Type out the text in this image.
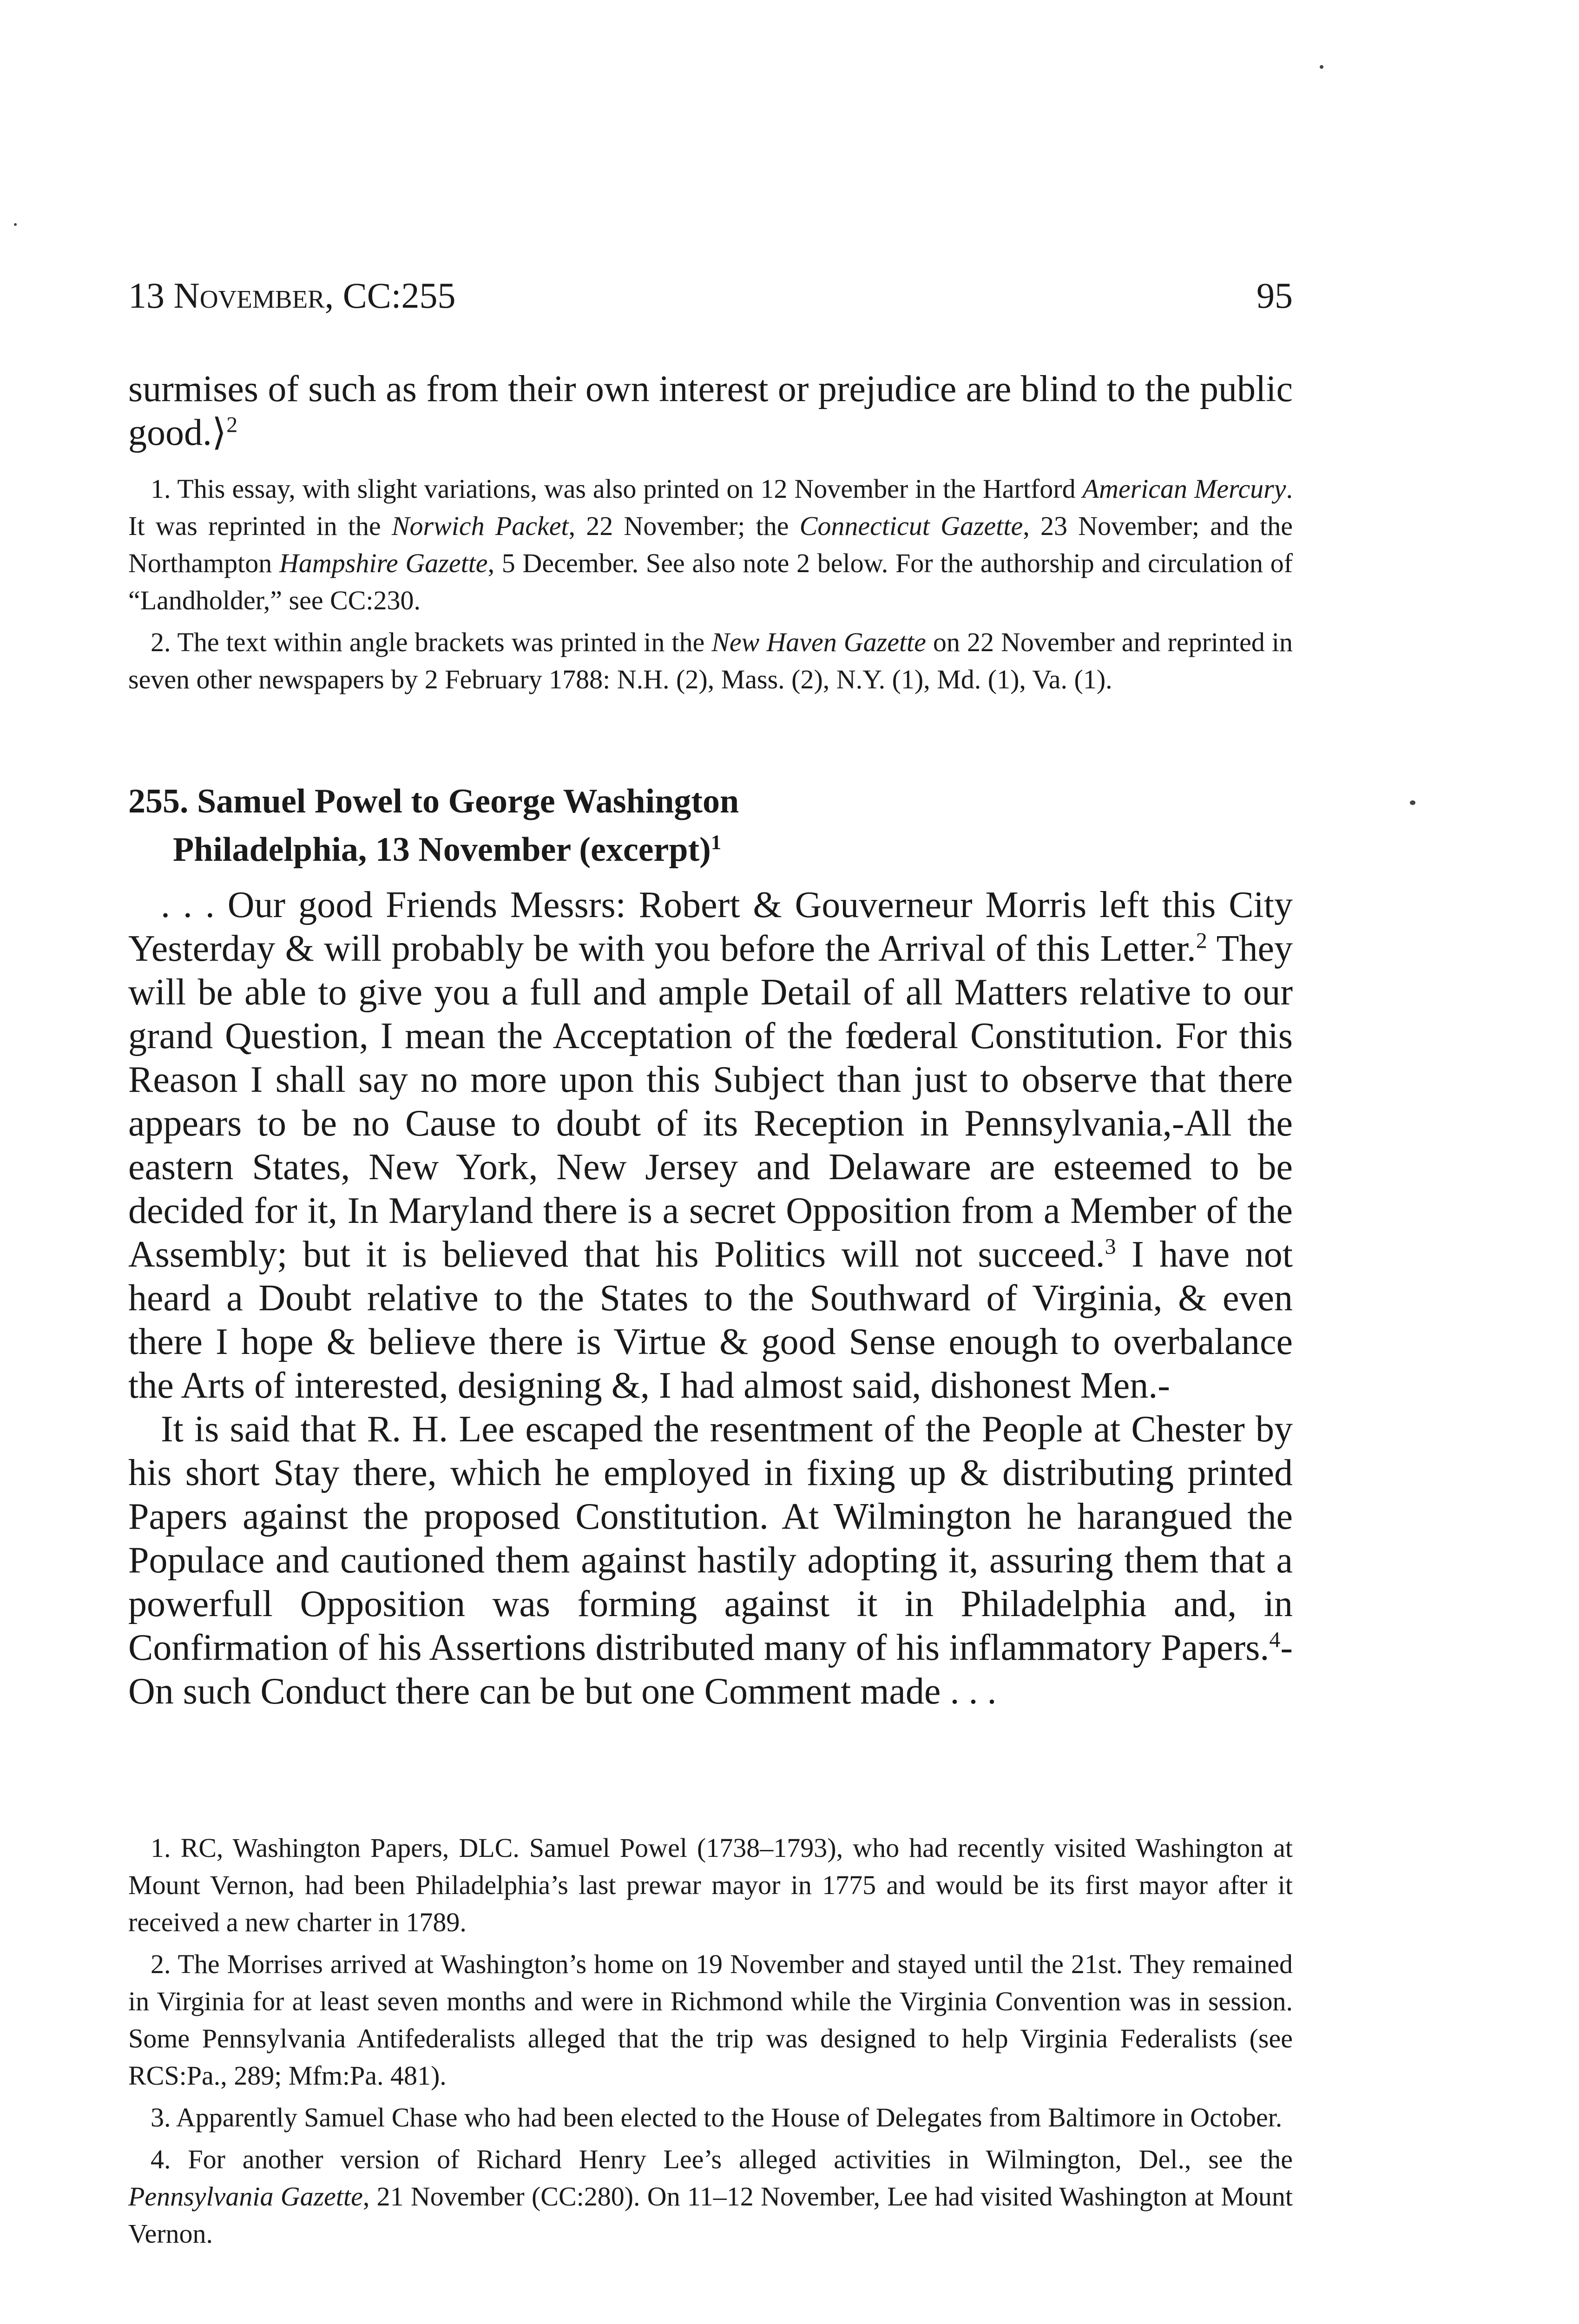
13 November, CC:255	95

surmises of such as from their own interest or prejudice are blind to the public good.⟩$^2$

1. This essay, with slight variations, was also printed on 12 November in the Hartford American Mercury. It was reprinted in the Norwich Packet, 22 November; the Connecticut Gazette, 23 November; and the Northampton Hampshire Gazette, 5 December. See also note 2 below. For the authorship and circulation of “Landholder,” see CC:230.

2. The text within angle brackets was printed in the New Haven Gazette on 22 November and reprinted in seven other newspapers by 2 February 1788: N.H. (2), Mass. (2), N.Y. (1), Md. (1), Va. (1).

255. Samuel Powel to George Washington
Philadelphia, 13 November (excerpt)$^1$

. . . Our good Friends Messrs: Robert & Gouverneur Morris left this City Yesterday & will probably be with you before the Arrival of this Letter.$^2$ They will be able to give you a full and ample Detail of all Matters relative to our grand Question, I mean the Acceptation of the fœderal Constitution. For this Reason I shall say no more upon this Subject than just to observe that there appears to be no Cause to doubt of its Reception in Pennsylvania,-All the eastern States, New York, New Jersey and Delaware are esteemed to be decided for it, In Maryland there is a secret Opposition from a Member of the Assembly; but it is believed that his Politics will not succeed.$^3$ I have not heard a Doubt relative to the States to the Southward of Virginia, & even there I hope & believe there is Virtue & good Sense enough to overbalance the Arts of interested, designing &, I had almost said, dishonest Men.-

It is said that R. H. Lee escaped the resentment of the People at Chester by his short Stay there, which he employed in fixing up & distributing printed Papers against the proposed Constitution. At Wilmington he harangued the Populace and cautioned them against hastily adopting it, assuring them that a powerfull Opposition was forming against it in Philadelphia and, in Confirmation of his Assertions distributed many of his inflammatory Papers.$^4$-On such Conduct there can be but one Comment made . . .

1. RC, Washington Papers, DLC. Samuel Powel (1738–1793), who had recently visited Washington at Mount Vernon, had been Philadelphia’s last prewar mayor in 1775 and would be its first mayor after it received a new charter in 1789.

2. The Morrises arrived at Washington’s home on 19 November and stayed until the 21st. They remained in Virginia for at least seven months and were in Richmond while the Virginia Convention was in session. Some Pennsylvania Antifederalists alleged that the trip was designed to help Virginia Federalists (see RCS:Pa., 289; Mfm:Pa. 481).

3. Apparently Samuel Chase who had been elected to the House of Delegates from Baltimore in October.

4. For another version of Richard Henry Lee’s alleged activities in Wilmington, Del., see the Pennsylvania Gazette, 21 November (CC:280). On 11–12 November, Lee had visited Washington at Mount Vernon.
